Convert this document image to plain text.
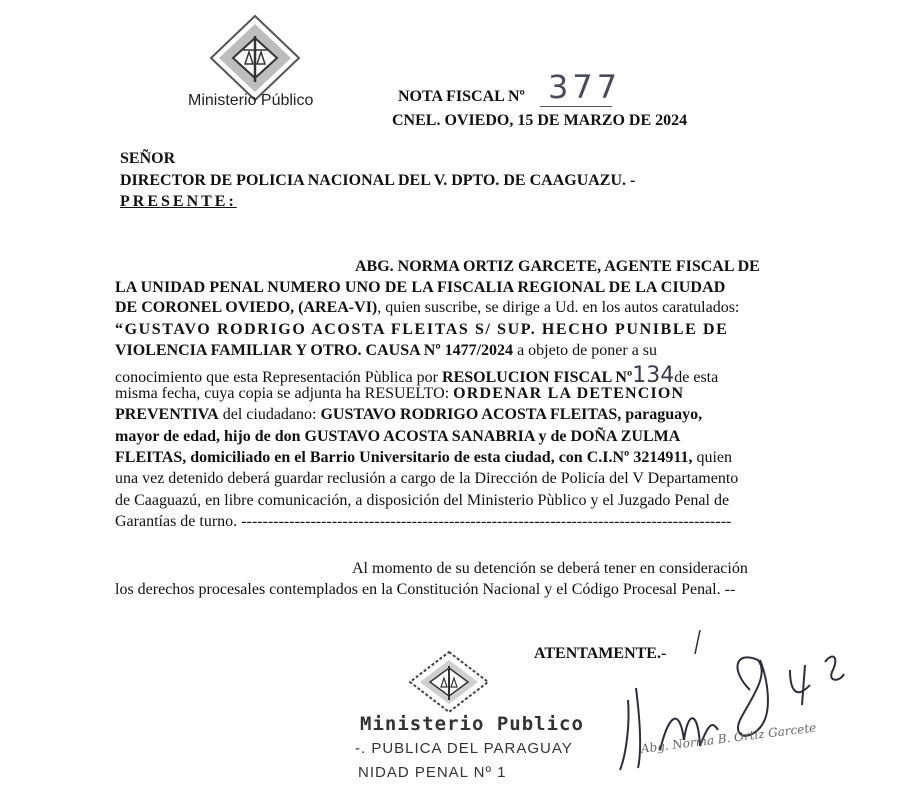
Ministerio Público	NOTA FISCAL Nº 377
CNEL. OVIEDO, 15 DE MARZO DE 2024
SEÑOR
DIRECTOR DE POLICIA NACIONAL DEL V. DPTO. DE CAAGUAZU. -
PRESENTE:
ABG. NORMA ORTIZ GARCETE, AGENTE FISCAL DE
LA UNIDAD PENAL NUMERO UNO DE LA FISCALIA REGIONAL DE LA CIUDAD
DE CORONEL OVIEDO, (AREA-VI), quien suscribe, se dirige a Ud. en los autos caratulados:
“GUSTAVO RODRIGO ACOSTA FLEITAS S/ SUP. HECHO PUNIBLE DE
VIOLENCIA FAMILIAR Y OTRO. CAUSA Nº 1477/2024 a objeto de poner a su
conocimiento que esta Representación Pùblica por RESOLUCION FISCAL Nº134de esta
misma fecha, cuya copia se adjunta ha RESUELTO: ORDENAR LA DETENCION
PREVENTIVA del ciudadano: GUSTAVO RODRIGO ACOSTA FLEITAS, paraguayo,
mayor de edad, hijo de don GUSTAVO ACOSTA SANABRIA y de DOÑA ZULMA
FLEITAS, domiciliado en el Barrio Universitario de esta ciudad, con C.I.Nº 3214911, quien
una vez detenido deberá guardar reclusión a cargo de la Dirección de Policía del V Departamento
de Caaguazú, en libre comunicación, a disposición del Ministerio Pùblico y el Juzgado Penal de
Garantías de turno. --------------------------------------------------------------------------------------------
Al momento de su detención se deberá tener en consideración
los derechos procesales contemplados en la Constitución Nacional y el Código Procesal Penal. --
ATENTAMENTE.-
Ministerio Publico
-. PUBLICA DEL PARAGUAY
NIDAD PENAL Nº 1
Abg. Norma B. Ortiz Garcete
